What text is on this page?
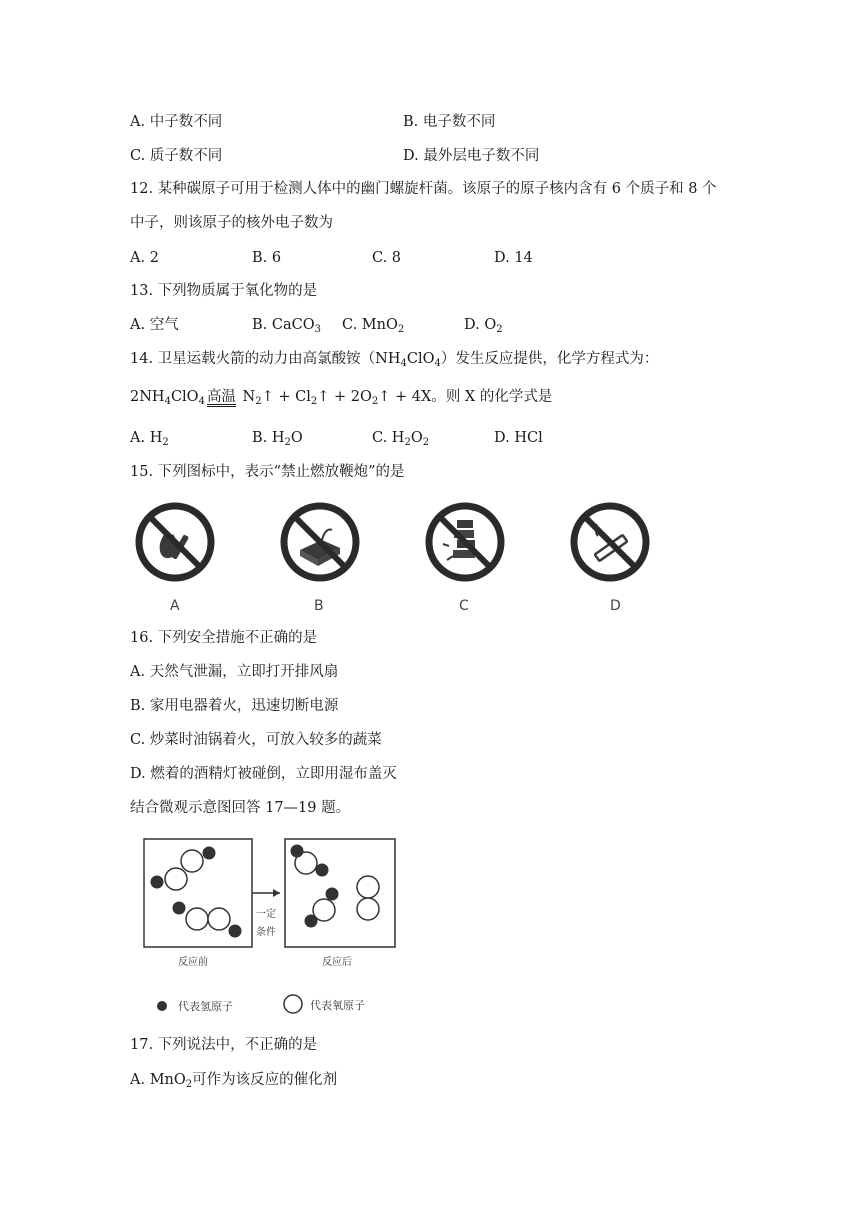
A. 中子数不同	B. 电子数不同
C. 质子数不同	D. 最外层电子数不同
12. 某种碳原子可用于检测人体中的幽门螺旋杆菌。该原子的原子核内含有 6 个质子和 8 个
中子，则该原子的核外电子数为
A. 2	B. 6	C. 8	D. 14
13. 下列物质属于氧化物的是
A. 空气	B. CaCO$_3$ C. MnO$_2$	D. $O_2$
14. 卫星运载火箭的动力由高氯酸铵$(NH_4ClO_4)$发生反应提供，化学方程式为：
$2NH_4ClO_4$ 高温 $N_2↑$ + $Cl_2↑$ + $2O_2↑ + 4X$。则 X 的化学式是
A. $H_2$	B. $H_2O$	C. $H_2O_2$	D. HCl
15. 下列图标中，表示“禁止燃放鞭炮”的是
A	B	C	D
16. 下列安全措施不正确的是
A. 天然气泄漏，立即打开排风扇
B. 家用电器着火，迅速切断电源
C. 炒菜时油锅着火，可放入较多的蔬菜
D. 燃着的酒精灯被碰倒，立即用湿布盖灭
结合微观示意图回答 17—19 题。
一定
条件
反应前	反应后
代表氢原子	代表氧原子
17. 下列说法中，不正确的是
A. MnO$_2$可作为该反应的催化剂
